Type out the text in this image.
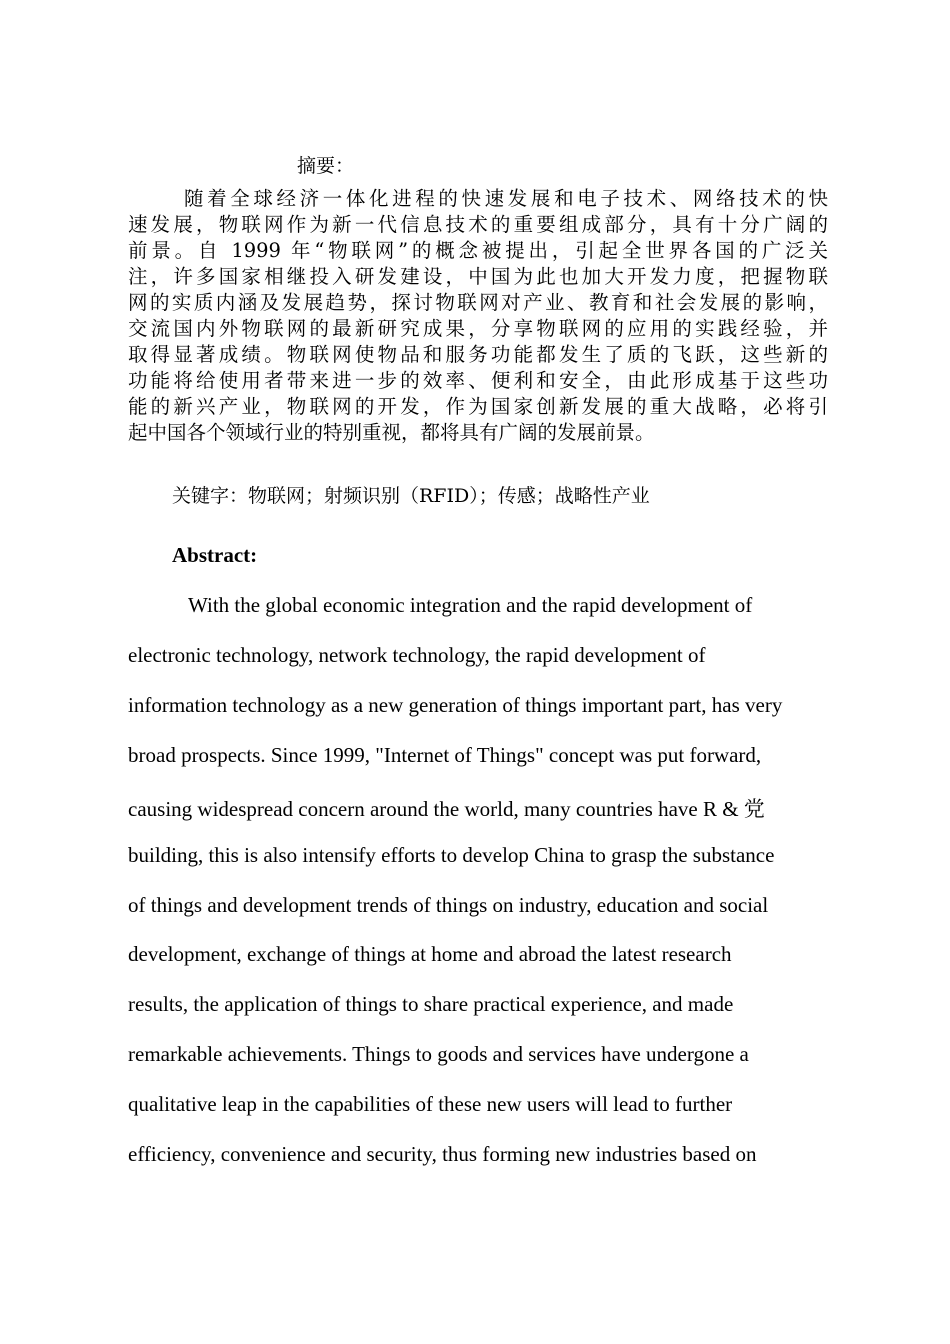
摘要：
随着全球经济一体化进程的快速发展和电子技术、网络技术的快
速发展，物联网作为新一代信息技术的重要组成部分，具有十分广阔的
前景。自 1999 年“物联网”的概念被提出，引起全世界各国的广泛关
注，许多国家相继投入研发建设，中国为此也加大开发力度，把握物联
网的实质内涵及发展趋势，探讨物联网对产业、教育和社会发展的影响，
交流国内外物联网的最新研究成果，分享物联网的应用的实践经验，并
取得显著成绩。物联网使物品和服务功能都发生了质的飞跃，这些新的
功能将给使用者带来进一步的效率、便利和安全，由此形成基于这些功
能的新兴产业，物联网的开发，作为国家创新发展的重大战略，必将引
起中国各个领域行业的特别重视，都将具有广阔的发展前景。
关键字：物联网；射频识别（RFID）；传感；战略性产业
Abstract:
With the global economic integration and the rapid development of
electronic technology, network technology, the rapid development of
information technology as a new generation of things important part, has very
broad prospects. Since 1999, "Internet of Things" concept was put forward,
causing widespread concern around the world, many countries have R & 党
building, this is also intensify efforts to develop China to grasp the substance
of things and development trends of things on industry, education and social
development, exchange of things at home and abroad the latest research
results, the application of things to share practical experience, and made
remarkable achievements. Things to goods and services have undergone a
qualitative leap in the capabilities of these new users will lead to further
efficiency, convenience and security, thus forming new industries based on
